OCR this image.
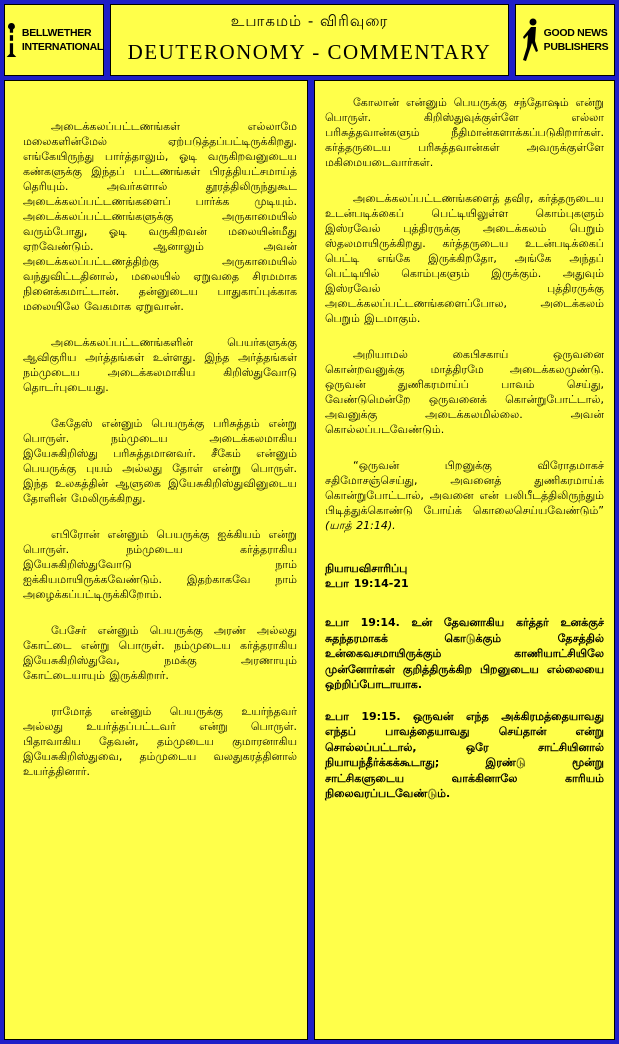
BELLWETHER
INTERNATIONAL
உபாகமம் - விரிவுரை
DEUTERONOMY - COMMENTARY
GOOD NEWS
PUBLISHERS

அடைக்கலப்பட்டணங்கள் எல்லாமே மலைகளின்மேல் ஏற்படுத்தப்பட்டிருக்கிறது. எங்கேயிருந்து பார்த்தாலும், ஓடி வருகிறவனுடைய கண்களுக்கு இந்தப் பட்டணங்கள் பிரத்தியட்சமாய்த் தெரியும். அவர்களால் தூரத்திலிருந்துகூட அடைக்கலப்பட்டணங்களைப் பார்க்க முடியும். அடைக்கலப்பட்டணங்களுக்கு அருகாமையில் வரும்போது, ஓடி வருகிறவன் மலையின்மீது ஏறவேண்டும். ஆனாலும் அவன் அடைக்கலப்பட்டணத்திற்கு அருகாமையில் வந்துவிட்டதினால், மலையில் ஏறுவதை சிரமமாக நினைக்கமாட்டான். தன்னுடைய பாதுகாப்புக்காக மலையிலே வேகமாக ஏறுவான்.

அடைக்கலப்பட்டணங்களின் பெயர்களுக்கு ஆவிகுரிய அர்த்தங்கள் உள்ளது. இந்த அர்த்தங்கள் நம்முடைய அடைக்கலமாகிய கிறிஸ்துவோடு தொடர்புடையது.

கேதேஸ் என்னும் பெயருக்கு பரிசுத்தம் என்று பொருள். நம்முடைய அடைக்கலமாகிய இயேசுகிறிஸ்து பரிசுத்தமானவர். சீகேம் என்னும் பெயருக்கு புயம் அல்லது தோள் என்று பொருள். இந்த உலகத்தின் ஆளுகை இயேசுகிறிஸ்துவினுடைய தோளின் மேலிருக்கிறது.

எபிரோன் என்னும் பெயருக்கு ஐக்கியம் என்று பொருள். நம்முடைய கர்த்தராகிய இயேசுகிறிஸ்துவோடு நாம் ஐக்கியமாயிருக்கவேண்டும். இதற்காகவே நாம் அழைக்கப்பட்டிருக்கிறோம்.

பேசேர் என்னும் பெயருக்கு அரண் அல்லது கோட்டை என்று பொருள். நம்முடைய கர்த்தராகிய இயேசுகிறிஸ்துவே, நமக்கு அரணாயும் கோட்டையாயும் இருக்கிறார்.

ராமோத் என்னும் பெயருக்கு உயர்ந்தவர் அல்லது உயர்த்தப்பட்டவர் என்று பொருள். பிதாவாகிய தேவன், தம்முடைய குமாரனாகிய இயேசுகிறிஸ்துவை, தம்முடைய வலதுகரத்தினால் உயர்த்தினார்.

கோலான் என்னும் பெயருக்கு சந்தோஷம் என்று பொருள். கிறிஸ்துவுக்குள்ளே எல்லா பரிசுத்தவான்களும் நீதிமான்களாக்கப்படுகிறார்கள். கர்த்தருடைய பரிசுத்தவான்கள் அவருக்குள்ளே மகிமையடைவார்கள்.

அடைக்கலப்பட்டணங்களைத் தவிர, கர்த்தருடைய உடன்படிக்கைப் பெட்டியிலுள்ள கொம்புகளும் இஸ்ரவேல் புத்திரருக்கு அடைக்கலம் பெறும் ஸ்தலமாயிருக்கிறது. கர்த்தருடைய உடன்படிக்கைப் பெட்டி எங்கே இருக்கிறதோ, அங்கே அந்தப் பெட்டியில் கொம்புகளும் இருக்கும். அதுவும் இஸ்ரவேல் புத்திரருக்கு அடைக்கலப்பட்டணங்களைப்போல, அடைக்கலம் பெறும் இடமாகும்.

அறியாமல் கைபிசகாய் ஒருவனை கொன்றவனுக்கு மாத்திரமே அடைக்கலமுண்டு. ஒருவன் துணிகரமாய்ப் பாவம் செய்து, வேண்டுமென்றே ஒருவனைக் கொன்றுபோட்டால், அவனுக்கு அடைக்கலமில்லை. அவன் கொல்லப்படவேண்டும்.

“ஒருவன் பிறனுக்கு விரோதமாகச் சதிமோசஞ்செய்து, அவனைத் துணிகரமாய்க் கொன்றுபோட்டால், அவனை என் பலிபீடத்திலிருந்தும் பிடித்துக்கொண்டு போய்க் கொலைசெய்யவேண்டும்” (யாத் 21:14).

நியாயவிசாரிப்பு
உபா 19:14-21

உபா 19:14. உன் தேவனாகிய கர்த்தர் உனக்குச் சுதந்தரமாகக் கொடுக்கும் தேசத்தில் உன்கைவசமாயிருக்கும் காணியாட்சியிலே முன்னோர்கள் குறித்திருக்கிற பிறனுடைய எல்லையை ஒற்றிப்போடாயாக.

உபா 19:15. ஒருவன் எந்த அக்கிரமத்தையாவது எந்தப் பாவத்தையாவது செய்தான் என்று சொல்லப்பட்டால், ஒரே சாட்சியினால் நியாயந்தீர்க்கக்கூடாது; இரண்டு மூன்று சாட்சிகளுடைய வாக்கினாலே காரியம் நிலைவரப்படவேண்டும்.
